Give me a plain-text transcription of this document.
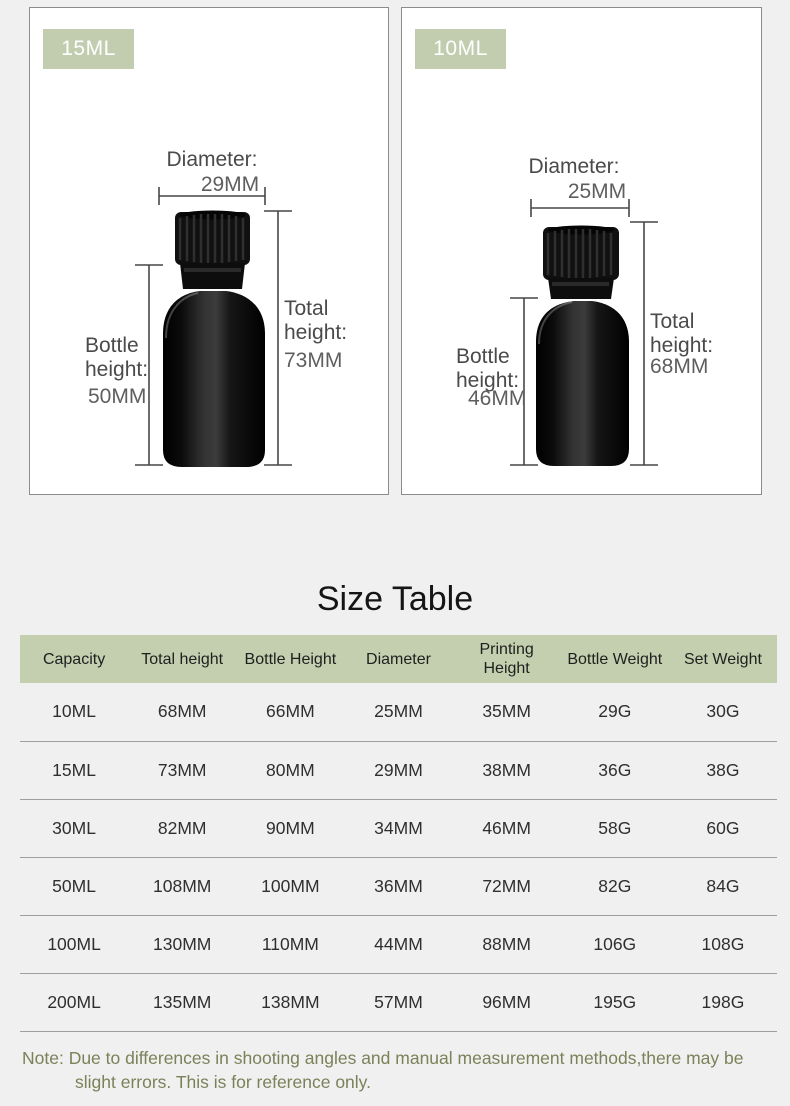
15ML
Diameter:
29MM
Total height:
73MM
Bottle height:
50MM
10ML
Diameter:
25MM
Total height:
68MM
Bottle height:
46MM
Size Table
Capacity	Total height	Bottle Height	Diameter	Printing Height	Bottle Weight	Set Weight
10ML	68MM	66MM	25MM	35MM	29G	30G
15ML	73MM	80MM	29MM	38MM	36G	38G
30ML	82MM	90MM	34MM	46MM	58G	60G
50ML	108MM	100MM	36MM	72MM	82G	84G
100ML	130MM	110MM	44MM	88MM	106G	108G
200ML	135MM	138MM	57MM	96MM	195G	198G
Note: Due to differences in shooting angles and manual measurement methods,there may be slight errors. This is for reference only.
